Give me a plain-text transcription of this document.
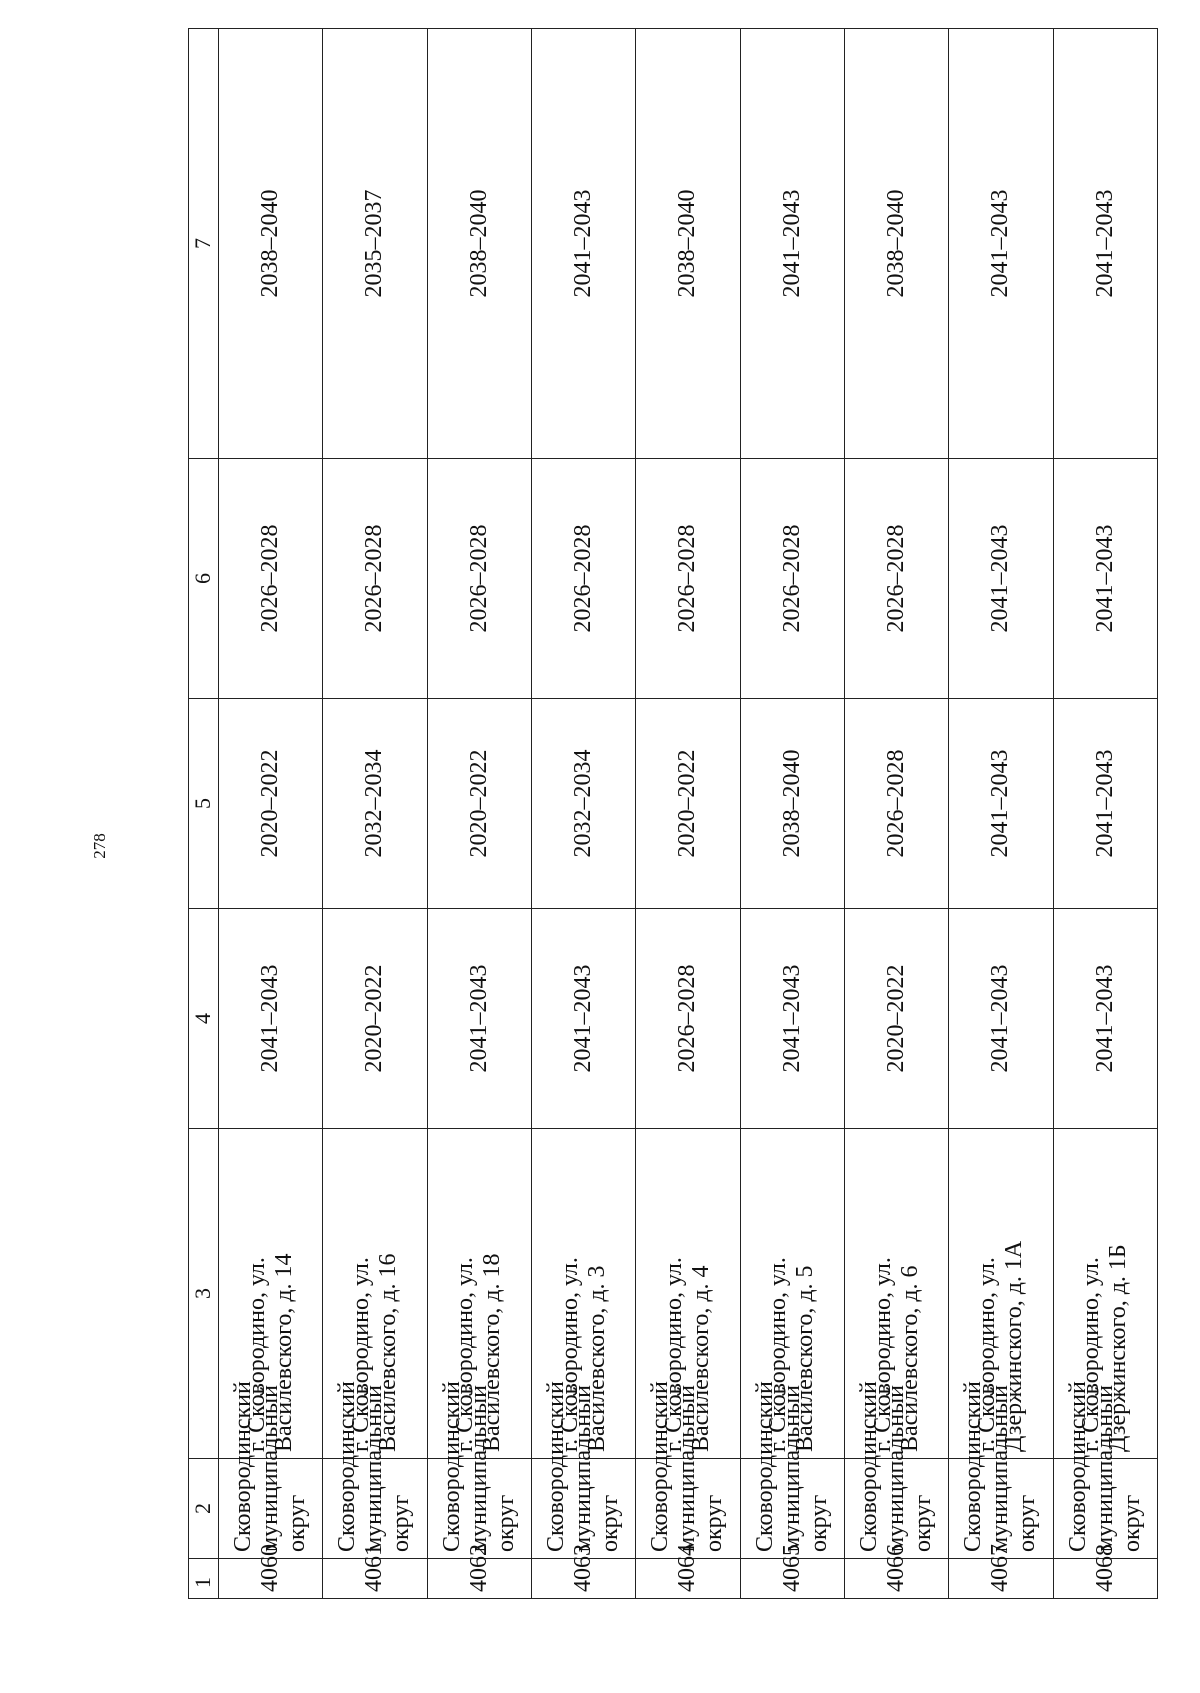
278
1	2	3	4	5	6	7
4060	Сковородинский муниципальный округ	г. Сковородино, ул. Василевского, д. 14	2041–2043	2020–2022	2026–2028	2038–2040
4061	Сковородинский муниципальный округ	г. Сковородино, ул. Василевского, д. 16	2020–2022	2032–2034	2026–2028	2035–2037
4062	Сковородинский муниципальный округ	г. Сковородино, ул. Василевского, д. 18	2041–2043	2020–2022	2026–2028	2038–2040
4063	Сковородинский муниципальный округ	г. Сковородино, ул. Василевского, д. 3	2041–2043	2032–2034	2026–2028	2041–2043
4064	Сковородинский муниципальный округ	г. Сковородино, ул. Василевского, д. 4	2026–2028	2020–2022	2026–2028	2038–2040
4065	Сковородинский муниципальный округ	г. Сковородино, ул. Василевского, д. 5	2041–2043	2038–2040	2026–2028	2041–2043
4066	Сковородинский муниципальный округ	г. Сковородино, ул. Василевского, д. 6	2020–2022	2026–2028	2026–2028	2038–2040
4067	Сковородинский муниципальный округ	г. Сковородино, ул. Дзержинского, д. 1А	2041–2043	2041–2043	2041–2043	2041–2043
4068	Сковородинский муниципальный округ	г. Сковородино, ул. Дзержинского, д. 1Б	2041–2043	2041–2043	2041–2043	2041–2043
